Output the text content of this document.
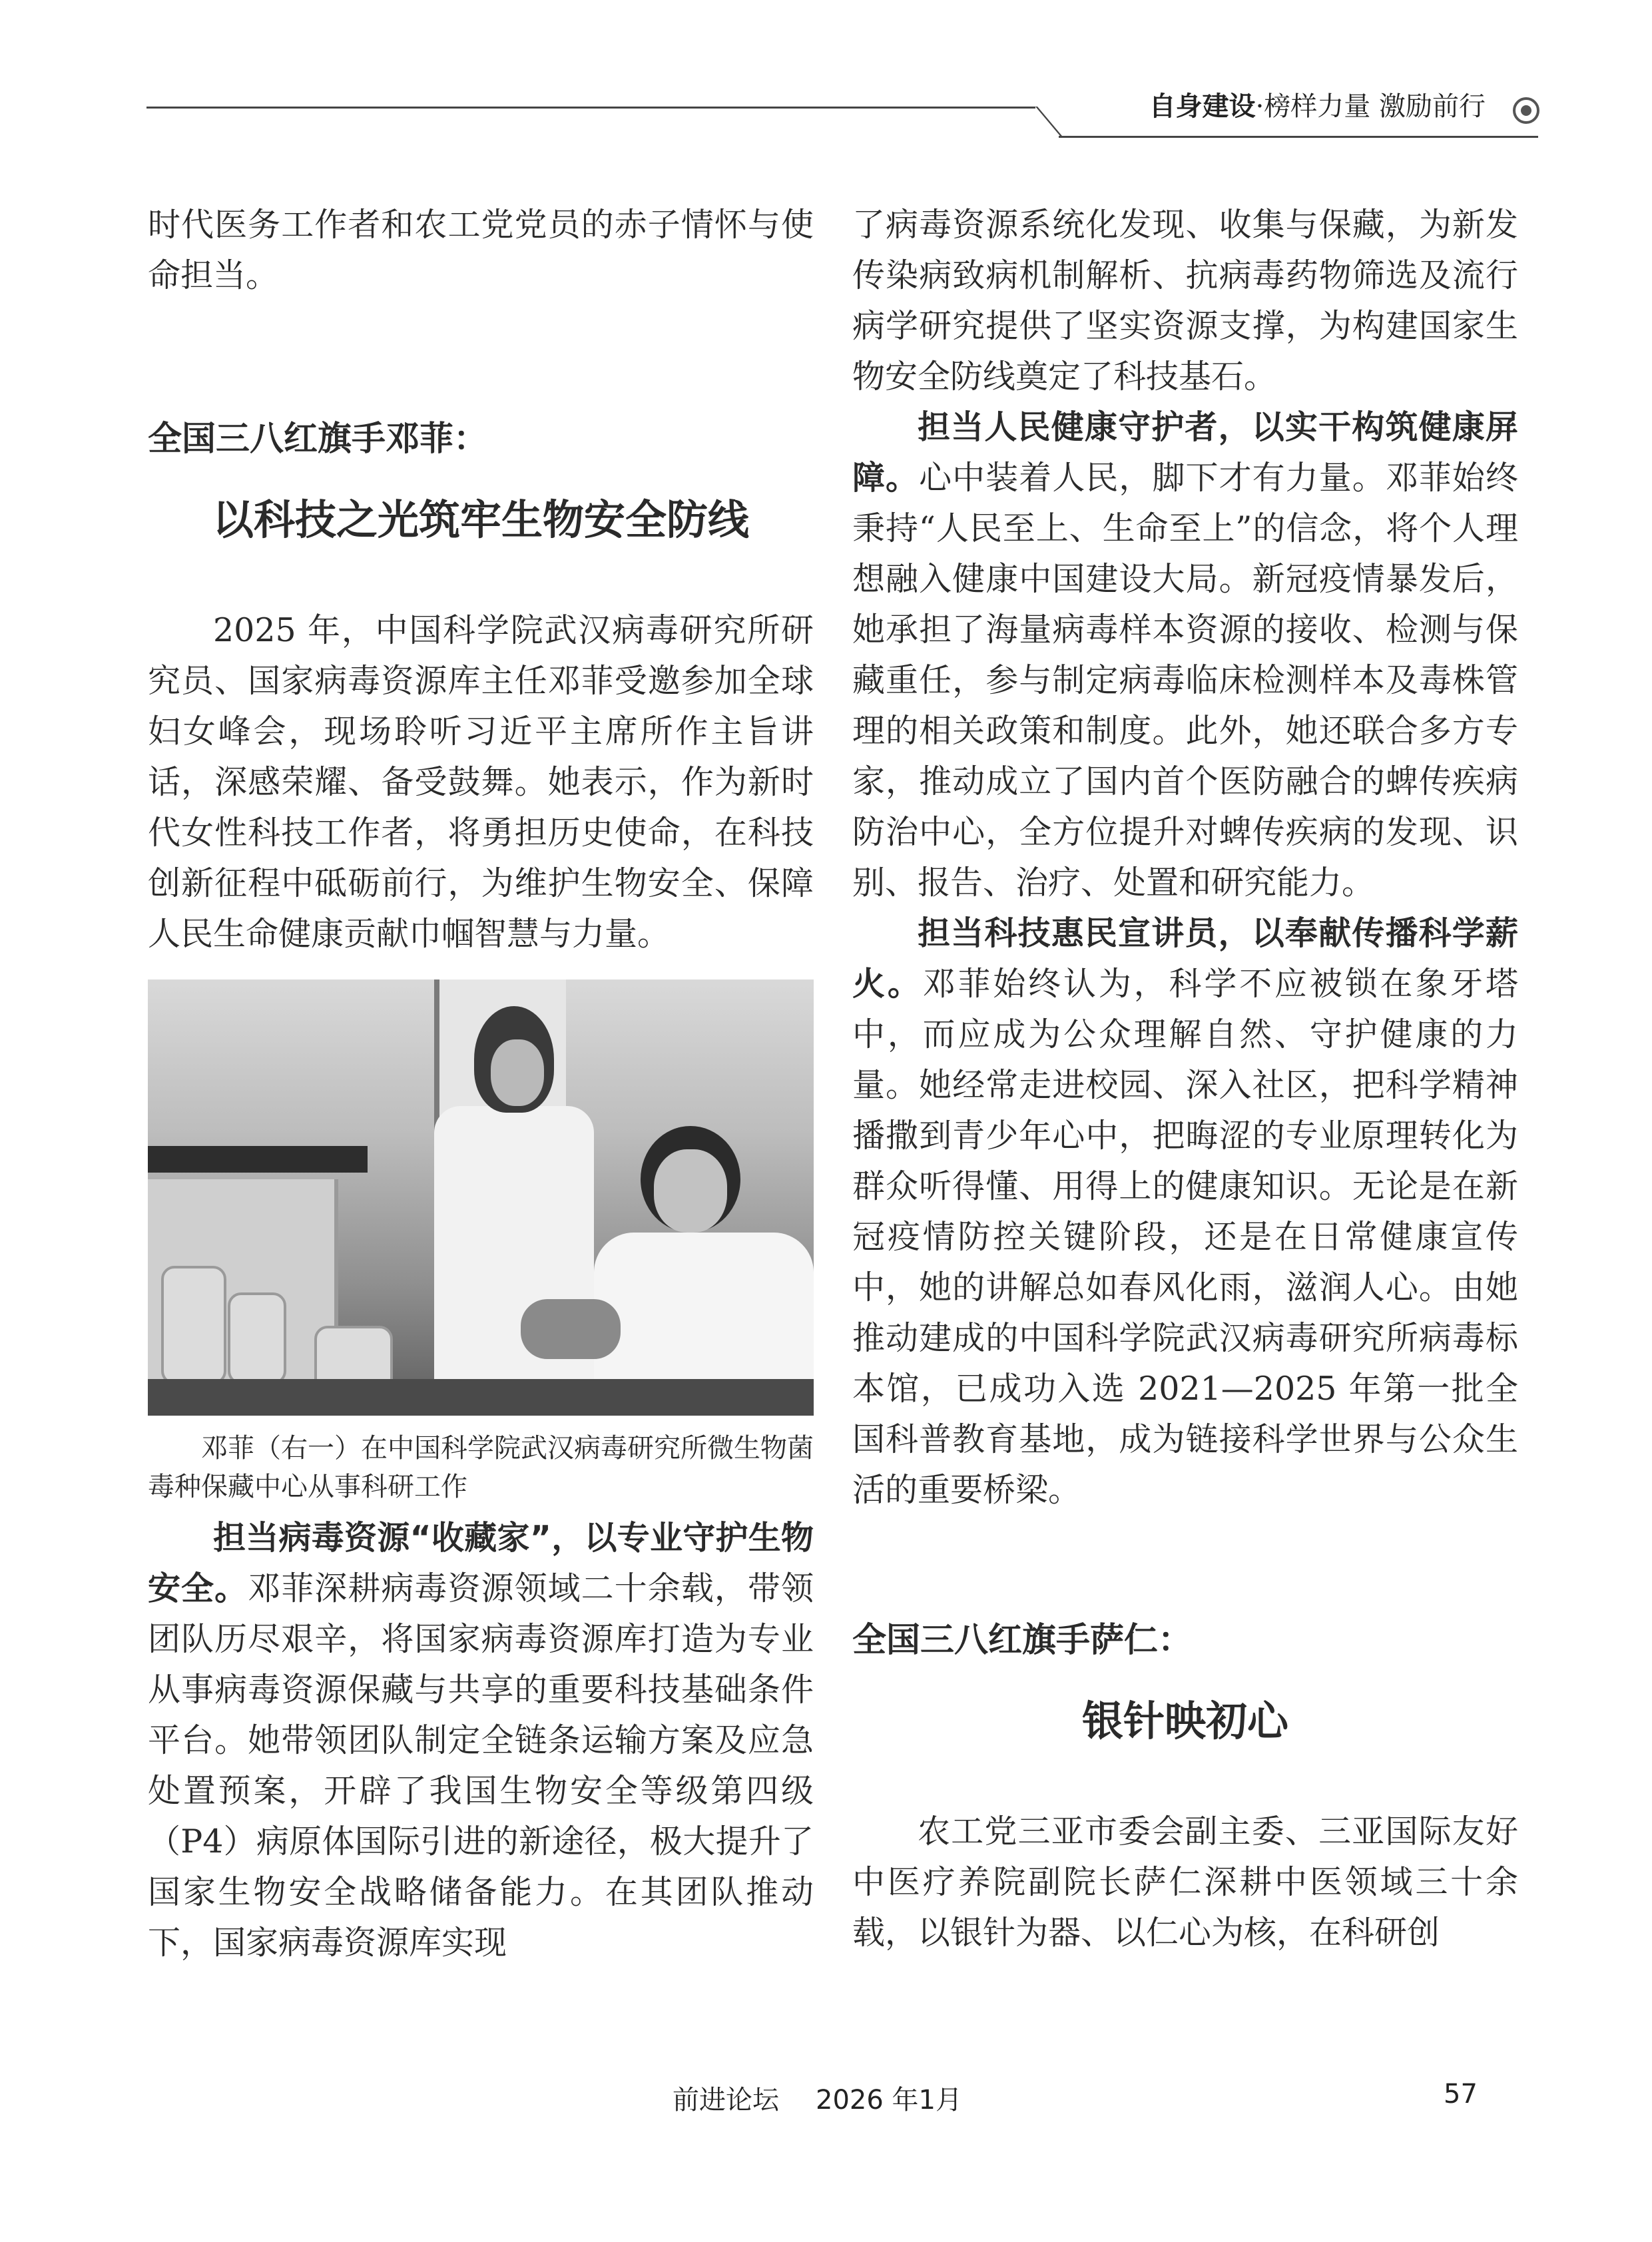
自身建设·榜样力量 激励前行

时代医务工作者和农工党党员的赤子情怀与使命担当。

全国三八红旗手邓菲：

以科技之光筑牢生物安全防线

2025 年，中国科学院武汉病毒研究所研究员、国家病毒资源库主任邓菲受邀参加全球妇女峰会，现场聆听习近平主席所作主旨讲话，深感荣耀、备受鼓舞。她表示，作为新时代女性科技工作者，将勇担历史使命，在科技创新征程中砥砺前行，为维护生物安全、保障人民生命健康贡献巾帼智慧与力量。

邓菲（右一）在中国科学院武汉病毒研究所微生物菌毒种保藏中心从事科研工作

担当病毒资源“收藏家”，以专业守护生物安全。邓菲深耕病毒资源领域二十余载，带领团队历尽艰辛，将国家病毒资源库打造为专业从事病毒资源保藏与共享的重要科技基础条件平台。她带领团队制定全链条运输方案及应急处置预案，开辟了我国生物安全等级第四级（P4）病原体国际引进的新途径，极大提升了国家生物安全战略储备能力。在其团队推动下，国家病毒资源库实现

了病毒资源系统化发现、收集与保藏，为新发传染病致病机制解析、抗病毒药物筛选及流行病学研究提供了坚实资源支撑，为构建国家生物安全防线奠定了科技基石。

担当人民健康守护者，以实干构筑健康屏障。心中装着人民，脚下才有力量。邓菲始终秉持“人民至上、生命至上”的信念，将个人理想融入健康中国建设大局。新冠疫情暴发后，她承担了海量病毒样本资源的接收、检测与保藏重任，参与制定病毒临床检测样本及毒株管理的相关政策和制度。此外，她还联合多方专家，推动成立了国内首个医防融合的蜱传疾病防治中心，全方位提升对蜱传疾病的发现、识别、报告、治疗、处置和研究能力。

担当科技惠民宣讲员，以奉献传播科学薪火。邓菲始终认为，科学不应被锁在象牙塔中，而应成为公众理解自然、守护健康的力量。她经常走进校园、深入社区，把科学精神播撒到青少年心中，把晦涩的专业原理转化为群众听得懂、用得上的健康知识。无论是在新冠疫情防控关键阶段，还是在日常健康宣传中，她的讲解总如春风化雨，滋润人心。由她推动建成的中国科学院武汉病毒研究所病毒标本馆，已成功入选 2021—2025 年第一批全国科普教育基地，成为链接科学世界与公众生活的重要桥梁。

全国三八红旗手萨仁：

银针映初心

农工党三亚市委会副主委、三亚国际友好中医疗养院副院长萨仁深耕中医领域三十余载，以银针为器、以仁心为核，在科研创

前进论坛 2026 年1月	57
